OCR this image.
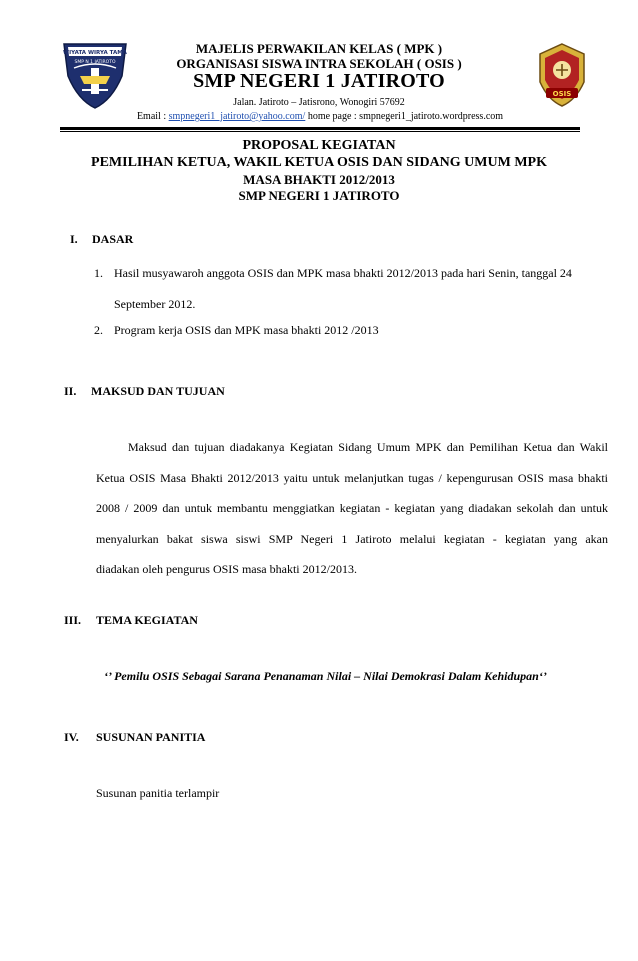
WIYATA WIRYA TAMA
SMP N 1 JATIROTO
MAJELIS PERWAKILAN KELAS ( MPK )
ORGANISASI SISWA INTRA SEKOLAH ( OSIS )
SMP NEGERI 1 JATIROTO
Jalan. Jatiroto – Jatisrono, Wonogiri 57692
Email : smpnegeri1_jatiroto@yahoo.com/ home page : smpnegeri1_jatiroto.wordpress.com
OSIS
PROPOSAL KEGIATAN
PEMILIHAN KETUA, WAKIL KETUA OSIS DAN SIDANG UMUM MPK
MASA BHAKTI 2012/2013
SMP NEGERI 1 JATIROTO
I. DASAR
1. Hasil musyawaroh anggota OSIS dan MPK masa bhakti 2012/2013 pada hari Senin, tanggal 24
September 2012.
2. Program kerja OSIS dan MPK masa bhakti 2012 /2013
II. MAKSUD DAN TUJUAN
Maksud dan tujuan diadakanya Kegiatan Sidang Umum MPK dan Pemilihan Ketua dan Wakil
Ketua OSIS Masa Bhakti 2012/2013 yaitu untuk melanjutkan tugas / kepengurusan OSIS masa bhakti
2008 / 2009 dan untuk membantu menggiatkan kegiatan - kegiatan yang diadakan sekolah dan untuk
menyalurkan bakat siswa siswi SMP Negeri 1 Jatiroto melalui kegiatan - kegiatan yang akan
diadakan oleh pengurus OSIS masa bhakti 2012/2013.
III. TEMA KEGIATAN
‘’ Pemilu OSIS Sebagai Sarana Penanaman Nilai – Nilai Demokrasi Dalam Kehidupan‘’
IV. SUSUNAN PANITIA
Susunan panitia terlampir
